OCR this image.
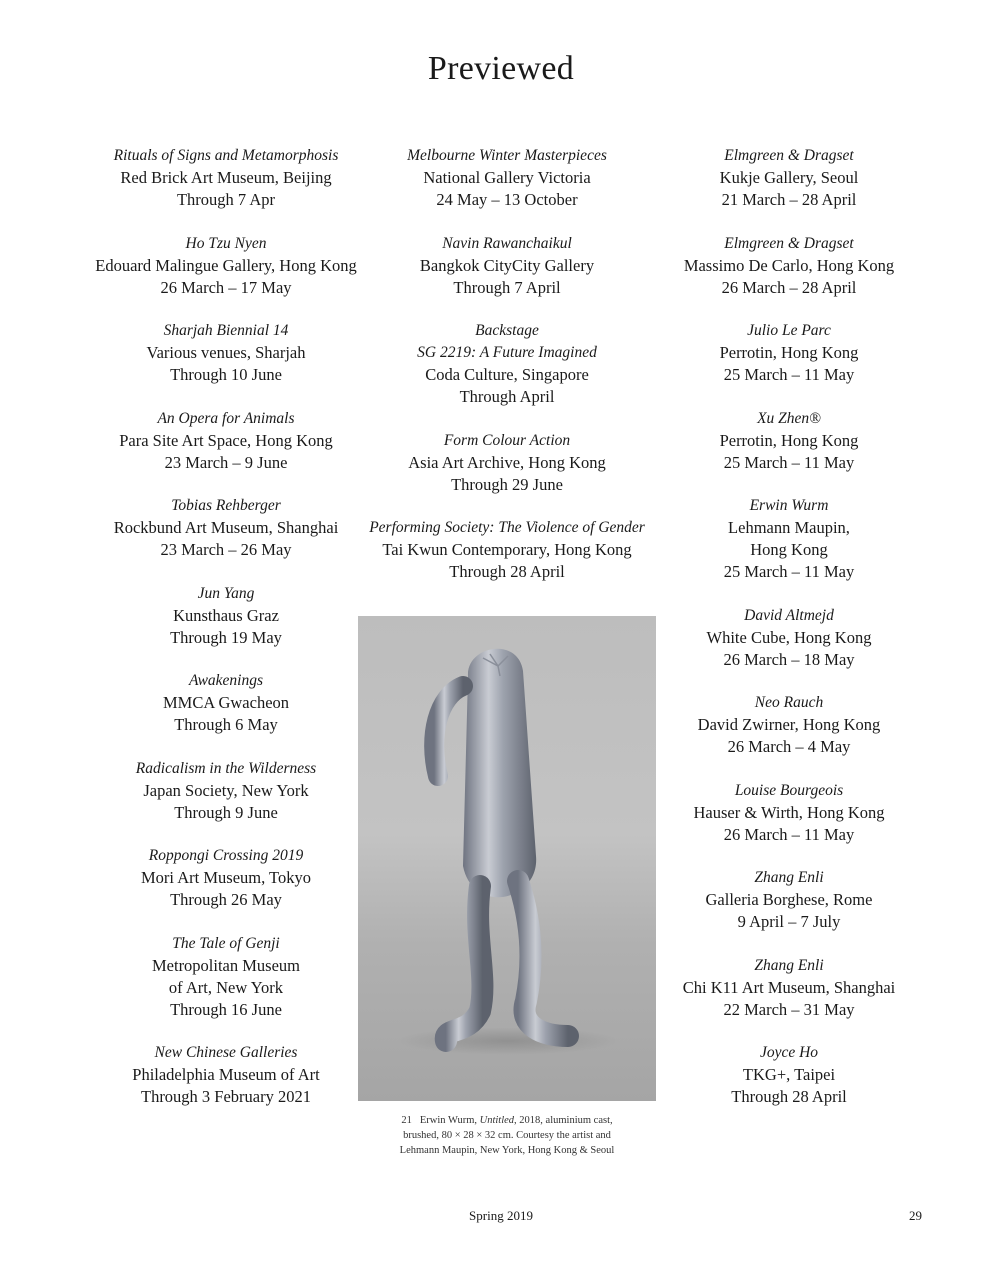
Previewed
Rituals of Signs and Metamorphosis
Red Brick Art Museum, Beijing
Through 7 Apr
Ho Tzu Nyen
Edouard Malingue Gallery, Hong Kong
26 March – 17 May
Sharjah Biennial 14
Various venues, Sharjah
Through 10 June
An Opera for Animals
Para Site Art Space, Hong Kong
23 March – 9 June
Tobias Rehberger
Rockbund Art Museum, Shanghai
23 March – 26 May
Jun Yang
Kunsthaus Graz
Through 19 May
Awakenings
MMCA Gwacheon
Through 6 May
Radicalism in the Wilderness
Japan Society, New York
Through 9 June
Roppongi Crossing 2019
Mori Art Museum, Tokyo
Through 26 May
The Tale of Genji
Metropolitan Museum
of Art, New York
Through 16 June
New Chinese Galleries
Philadelphia Museum of Art
Through 3 February 2021
Melbourne Winter Masterpieces
National Gallery Victoria
24 May – 13 October
Navin Rawanchaikul
Bangkok CityCity Gallery
Through 7 April
Backstage
SG 2219: A Future Imagined
Coda Culture, Singapore
Through April
Form Colour Action
Asia Art Archive, Hong Kong
Through 29 June
Performing Society: The Violence of Gender
Tai Kwun Contemporary, Hong Kong
Through 28 April
Elmgreen & Dragset
Kukje Gallery, Seoul
21 March – 28 April
Elmgreen & Dragset
Massimo De Carlo, Hong Kong
26 March – 28 April
Julio Le Parc
Perrotin, Hong Kong
25 March – 11 May
Xu Zhen®
Perrotin, Hong Kong
25 March – 11 May
Erwin Wurm
Lehmann Maupin,
Hong Kong
25 March – 11 May
David Altmejd
White Cube, Hong Kong
26 March – 18 May
Neo Rauch
David Zwirner, Hong Kong
26 March – 4 May
Louise Bourgeois
Hauser & Wirth, Hong Kong
26 March – 11 May
Zhang Enli
Galleria Borghese, Rome
9 April – 7 July
Zhang Enli
Chi K11 Art Museum, Shanghai
22 March – 31 May
Joyce Ho
TKG+, Taipei
Through 28 April
21 Erwin Wurm, Untitled, 2018, aluminium cast,
brushed, 80 × 28 × 32 cm. Courtesy the artist and
Lehmann Maupin, New York, Hong Kong & Seoul
Spring 2019	29
